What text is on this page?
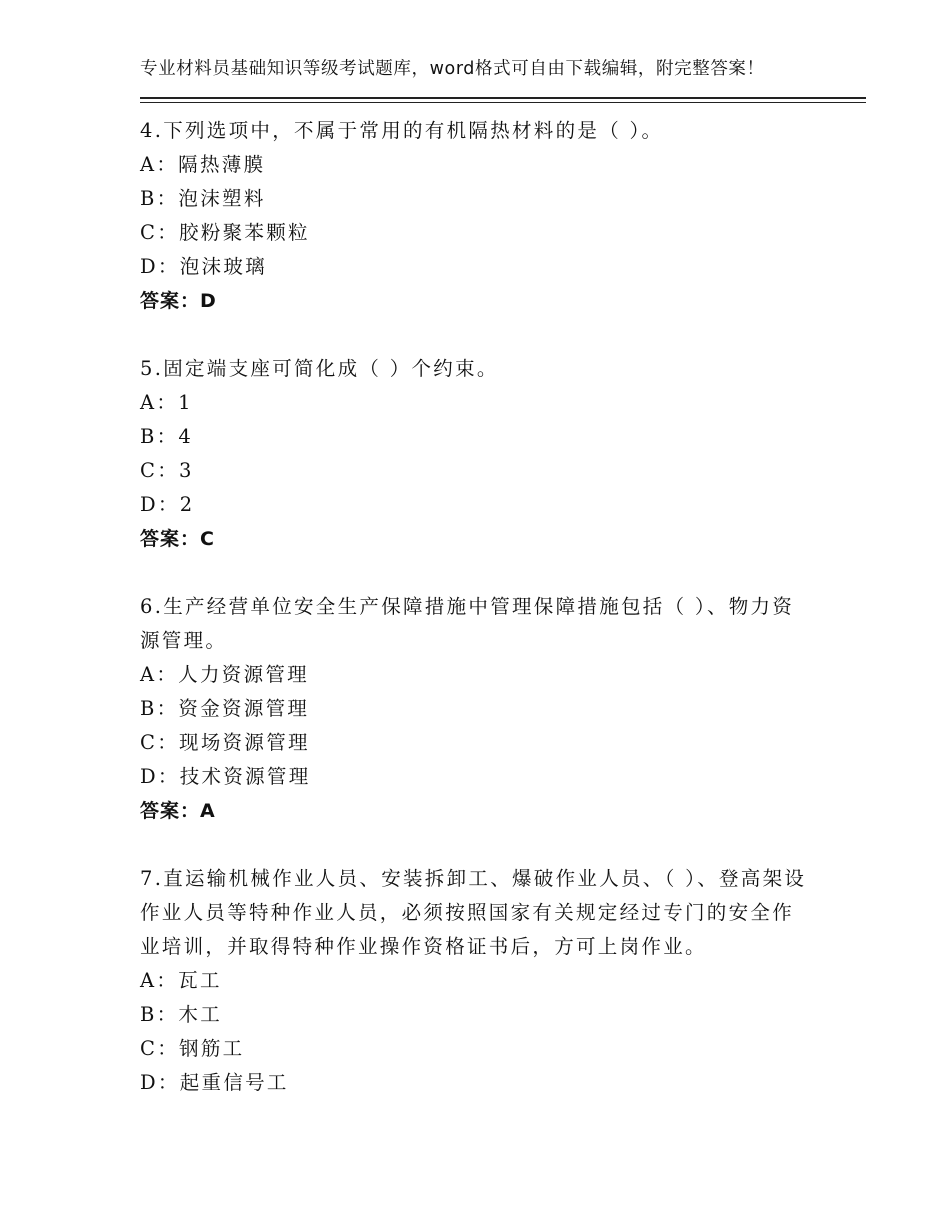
专业材料员基础知识等级考试题库，word格式可自由下载编辑，附完整答案！
4.下列选项中，不属于常用的有机隔热材料的是（ ）。
A：隔热薄膜
B：泡沫塑料
C：胶粉聚苯颗粒
D：泡沫玻璃
答案：D
5.固定端支座可简化成（ ）个约束。
A：1
B：4
C：3
D：2
答案：C
6.生产经营单位安全生产保障措施中管理保障措施包括（ ）、物力资源管理。
A：人力资源管理
B：资金资源管理
C：现场资源管理
D：技术资源管理
答案：A
7.直运输机械作业人员、安装拆卸工、爆破作业人员、（ ）、登高架设作业人员等特种作业人员，必须按照国家有关规定经过专门的安全作业培训，并取得特种作业操作资格证书后，方可上岗作业。
A：瓦工
B：木工
C：钢筋工
D：起重信号工
